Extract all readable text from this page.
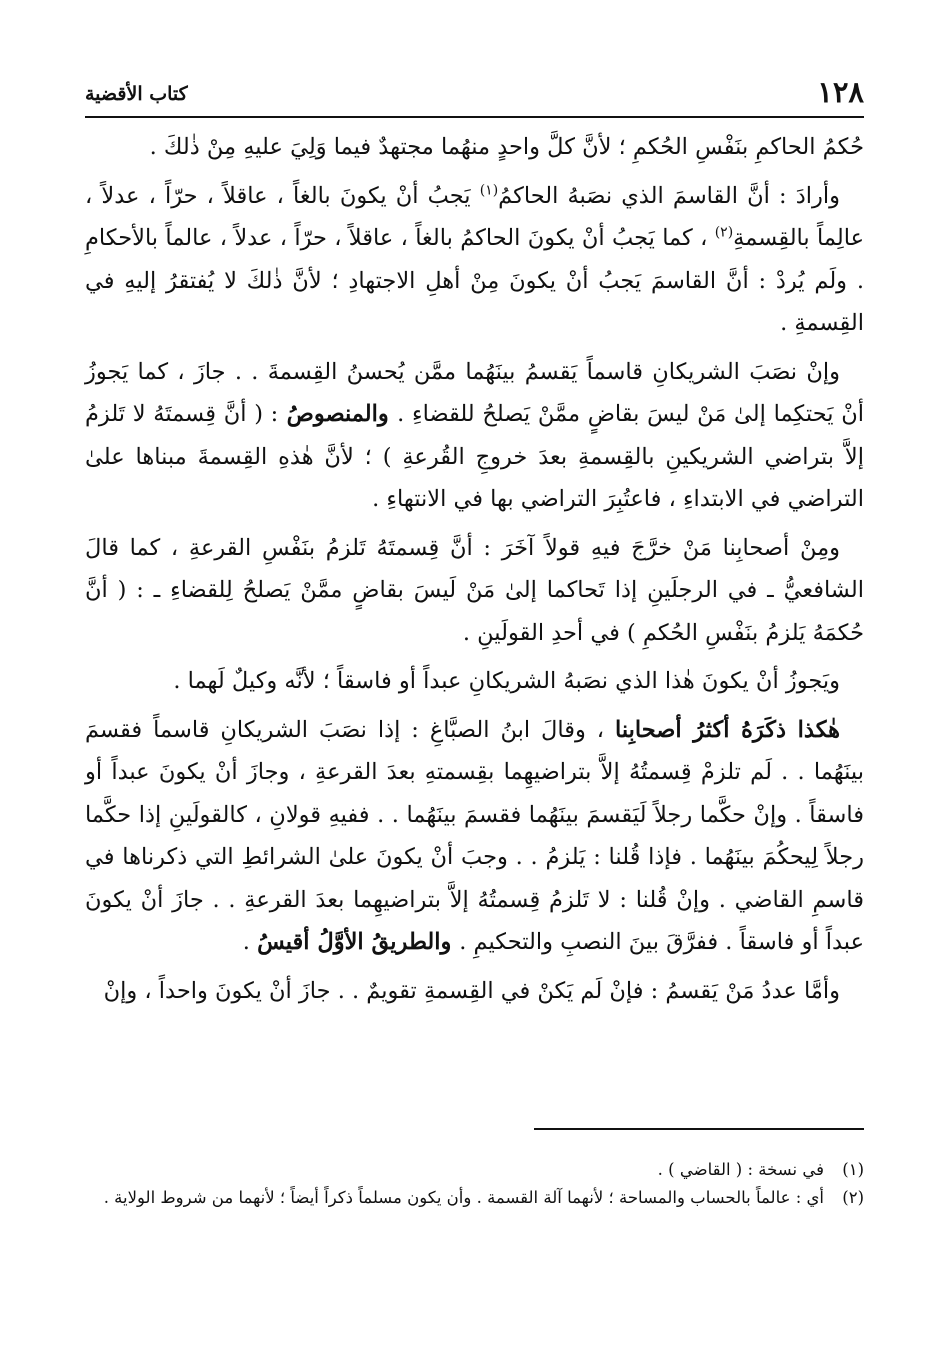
١٢٨
كتاب الأقضية

حُكمُ الحاكمِ بنَفْسِ الحُكمِ ؛ لأنَّ كلَّ واحدٍ منهُما مجتهدٌ فيما وَلِيَ عليهِ مِنْ ذٰلكَ .

وأرادَ : أنَّ القاسمَ الذي نصَبهُ الحاكمُ$^{(١)}$ يَجبُ أنْ يكونَ بالغاً ، عاقلاً ، حرّاً ، عدلاً ، عالِماً بالقِسمةِ$^{(٢)}$ ، كما يَجبُ أنْ يكونَ الحاكمُ بالغاً ، عاقلاً ، حرّاً ، عدلاً ، عالماً بالأحكامِ . ولَم يُردْ : أنَّ القاسمَ يَجبُ أنْ يكونَ مِنْ أهلِ الاجتهادِ ؛ لأنَّ ذٰلكَ لا يُفتقرُ إليهِ في القِسمةِ .

وإنْ نصَبَ الشريكانِ قاسماً يَقسمُ بينَهُما ممَّن يُحسنُ القِسمةَ . . جازَ ، كما يَجوزُ أنْ يَحتكِما إلىٰ مَنْ ليسَ بقاضٍ ممَّنْ يَصلحُ للقضاءِ . والمنصوصُ : ( أنَّ قِسمتَهُ لا تَلزمُ إلاَّ بتراضي الشريكينِ بالقِسمةِ بعدَ خروجِ القُرعةِ ) ؛ لأنَّ هٰذهِ القِسمةَ مبناها علىٰ التراضي في الابتداءِ ، فاعتُبِرَ التراضي بها في الانتهاءِ .

ومِنْ أصحابِنا مَنْ خرَّجَ فيهِ قولاً آخَرَ : أنَّ قِسمتَهُ تَلزمُ بنَفْسِ القرعةِ ، كما قالَ الشافعيُّ ـ في الرجلَينِ إذا تَحاكما إلىٰ مَنْ لَيسَ بقاضٍ ممَّنْ يَصلحُ لِلقضاءِ ـ : ( أنَّ حُكمَهُ يَلزمُ بنَفْسِ الحُكمِ ) في أحدِ القولَينِ .

ويَجوزُ أنْ يكونَ هٰذا الذي نصَبهُ الشريكانِ عبداً أو فاسقاً ؛ لأنَّه وكيلٌ لَهما .

هٰكذا ذكَرَهُ أكثرُ أصحابِنا ، وقالَ ابنُ الصبَّاغِ : إذا نصَبَ الشريكانِ قاسماً فقسمَ بينَهُما . . لَم تلزمْ قِسمتُهُ إلاَّ بتراضيهِما بقِسمتهِ بعدَ القرعةِ ، وجازَ أنْ يكونَ عبداً أو فاسقاً . وإنْ حكَّما رجلاً لَيَقسمَ بينَهُما فقسمَ بينَهُما . . ففيهِ قولانِ ، كالقولَينِ إذا حكَّما رجلاً لِيحكُمَ بينَهُما . فإذا قُلنا : يَلزمُ . . وجبَ أنْ يكونَ علىٰ الشرائطِ التي ذكرناها في قاسمِ القاضي . وإنْ قُلنا : لا تَلزمُ قِسمتُهُ إلاَّ بتراضيهِما بعدَ القرعةِ . . جازَ أنْ يكونَ عبداً أو فاسقاً . ففرَّقَ بينَ النصبِ والتحكيمِ . والطريقُ الأوَّلُ أقيسُ .

وأمَّا عددُ مَنْ يَقسمُ : فإنْ لَم يَكنْ في القِسمةِ تقويمٌ . . جازَ أنْ يكونَ واحداً ، وإنْ

(١)
في نسخة : ( القاضي ) .
(٢)
أي : عالماً بالحساب والمساحة ؛ لأنهما آلة القسمة . وأن يكون مسلماً ذكراً أيضاً ؛ لأنهما من شروط الولاية .
